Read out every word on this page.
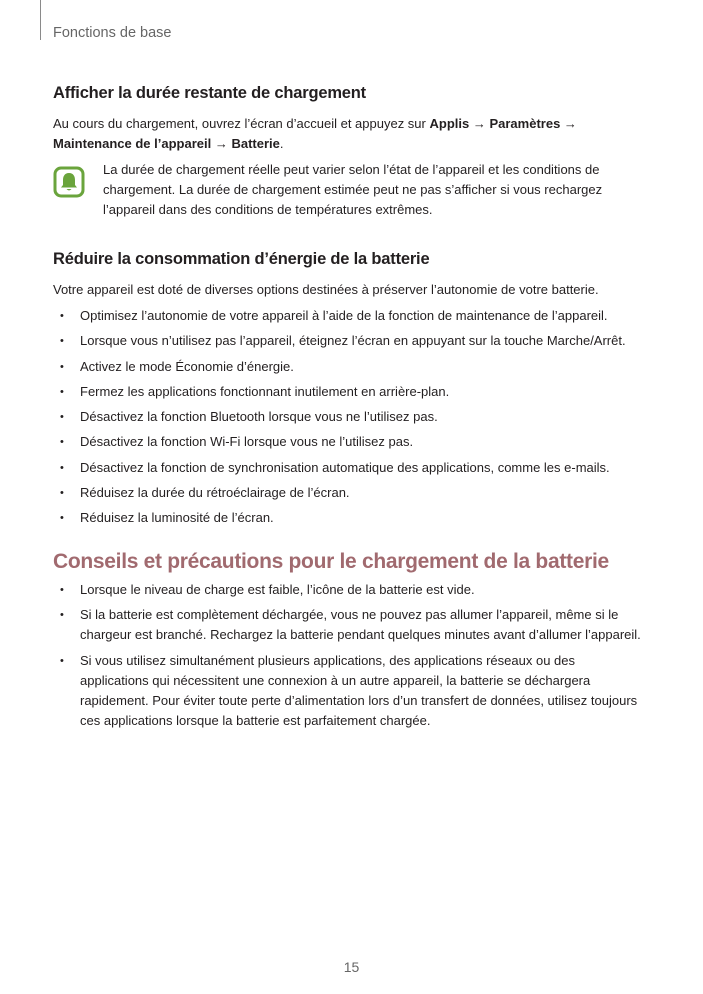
Fonctions de base
Afficher la durée restante de chargement

Au cours du chargement, ouvrez l’écran d’accueil et appuyez sur Applis → Paramètres →
Maintenance de l’appareil → Batterie.

La durée de chargement réelle peut varier selon l’état de l’appareil et les conditions de chargement. La durée de chargement estimée peut ne pas s’afficher si vous rechargez l’appareil dans des conditions de températures extrêmes.
Réduire la consommation d’énergie de la batterie

Votre appareil est doté de diverses options destinées à préserver l’autonomie de votre batterie.

• Optimisez l’autonomie de votre appareil à l’aide de la fonction de maintenance de l’appareil.
• Lorsque vous n’utilisez pas l’appareil, éteignez l’écran en appuyant sur la touche Marche/Arrêt.
• Activez le mode Économie d’énergie.
• Fermez les applications fonctionnant inutilement en arrière-plan.
• Désactivez la fonction Bluetooth lorsque vous ne l’utilisez pas.
• Désactivez la fonction Wi-Fi lorsque vous ne l’utilisez pas.
• Désactivez la fonction de synchronisation automatique des applications, comme les e-mails.
• Réduisez la durée du rétroéclairage de l’écran.
• Réduisez la luminosité de l’écran.
Conseils et précautions pour le chargement de la batterie
• Lorsque le niveau de charge est faible, l’icône de la batterie est vide.
• Si la batterie est complètement déchargée, vous ne pouvez pas allumer l’appareil, même si le chargeur est branché. Rechargez la batterie pendant quelques minutes avant d’allumer l’appareil.
• Si vous utilisez simultanément plusieurs applications, des applications réseaux ou des applications qui nécessitent une connexion à un autre appareil, la batterie se déchargera rapidement. Pour éviter toute perte d’alimentation lors d’un transfert de données, utilisez toujours ces applications lorsque la batterie est parfaitement chargée.
15
